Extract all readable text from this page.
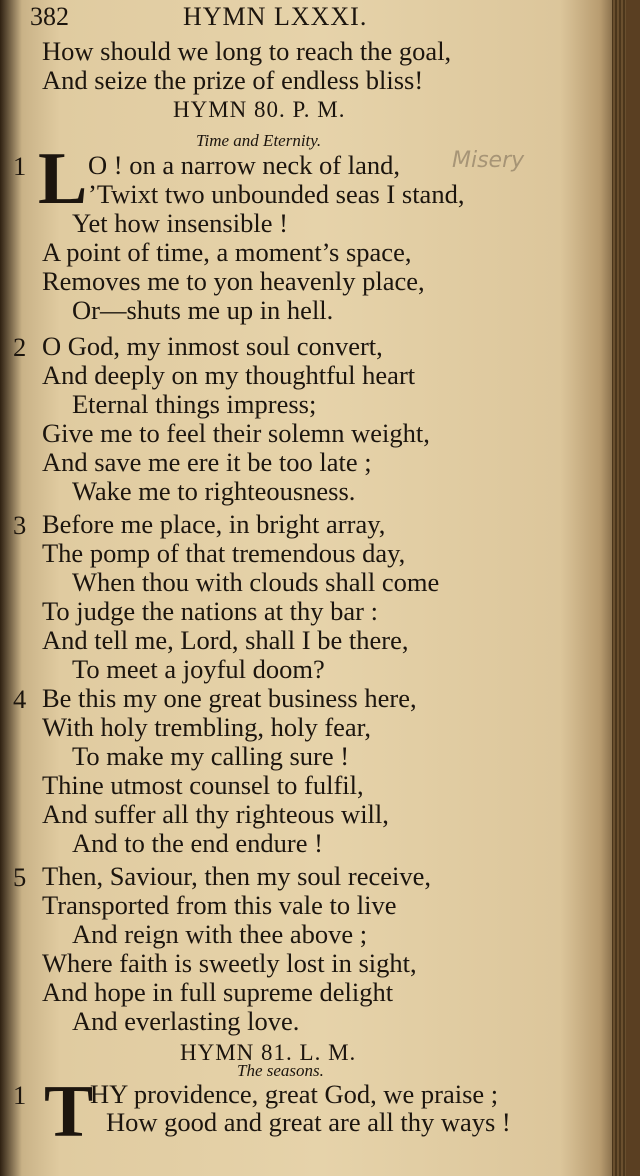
382	HYMN LXXXI.
How should we long to reach the goal,
And seize the prize of endless bliss!
HYMN 80. P. M.
Time and Eternity.
1 L O ! on a narrow neck of land,
’Twixt two unbounded seas I stand,
Yet how insensible !
A point of time, a moment’s space,
Removes me to yon heavenly place,
Or—shuts me up in hell.
Misery
2 O God, my inmost soul convert,
And deeply on my thoughtful heart
Eternal things impress;
Give me to feel their solemn weight,
And save me ere it be too late ;
Wake me to righteousness.
3 Before me place, in bright array,
The pomp of that tremendous day,
When thou with clouds shall come
To judge the nations at thy bar :
And tell me, Lord, shall I be there,
To meet a joyful doom?
4 Be this my one great business here,
With holy trembling, holy fear,
To make my calling sure !
Thine utmost counsel to fulfil,
And suffer all thy righteous will,
And to the end endure !
5 Then, Saviour, then my soul receive,
Transported from this vale to live
And reign with thee above ;
Where faith is sweetly lost in sight,
And hope in full supreme delight
And everlasting love.
HYMN 81. L. M.
The seasons.
1 T
HY providence, great God, we praise ;
How good and great are all thy ways !
